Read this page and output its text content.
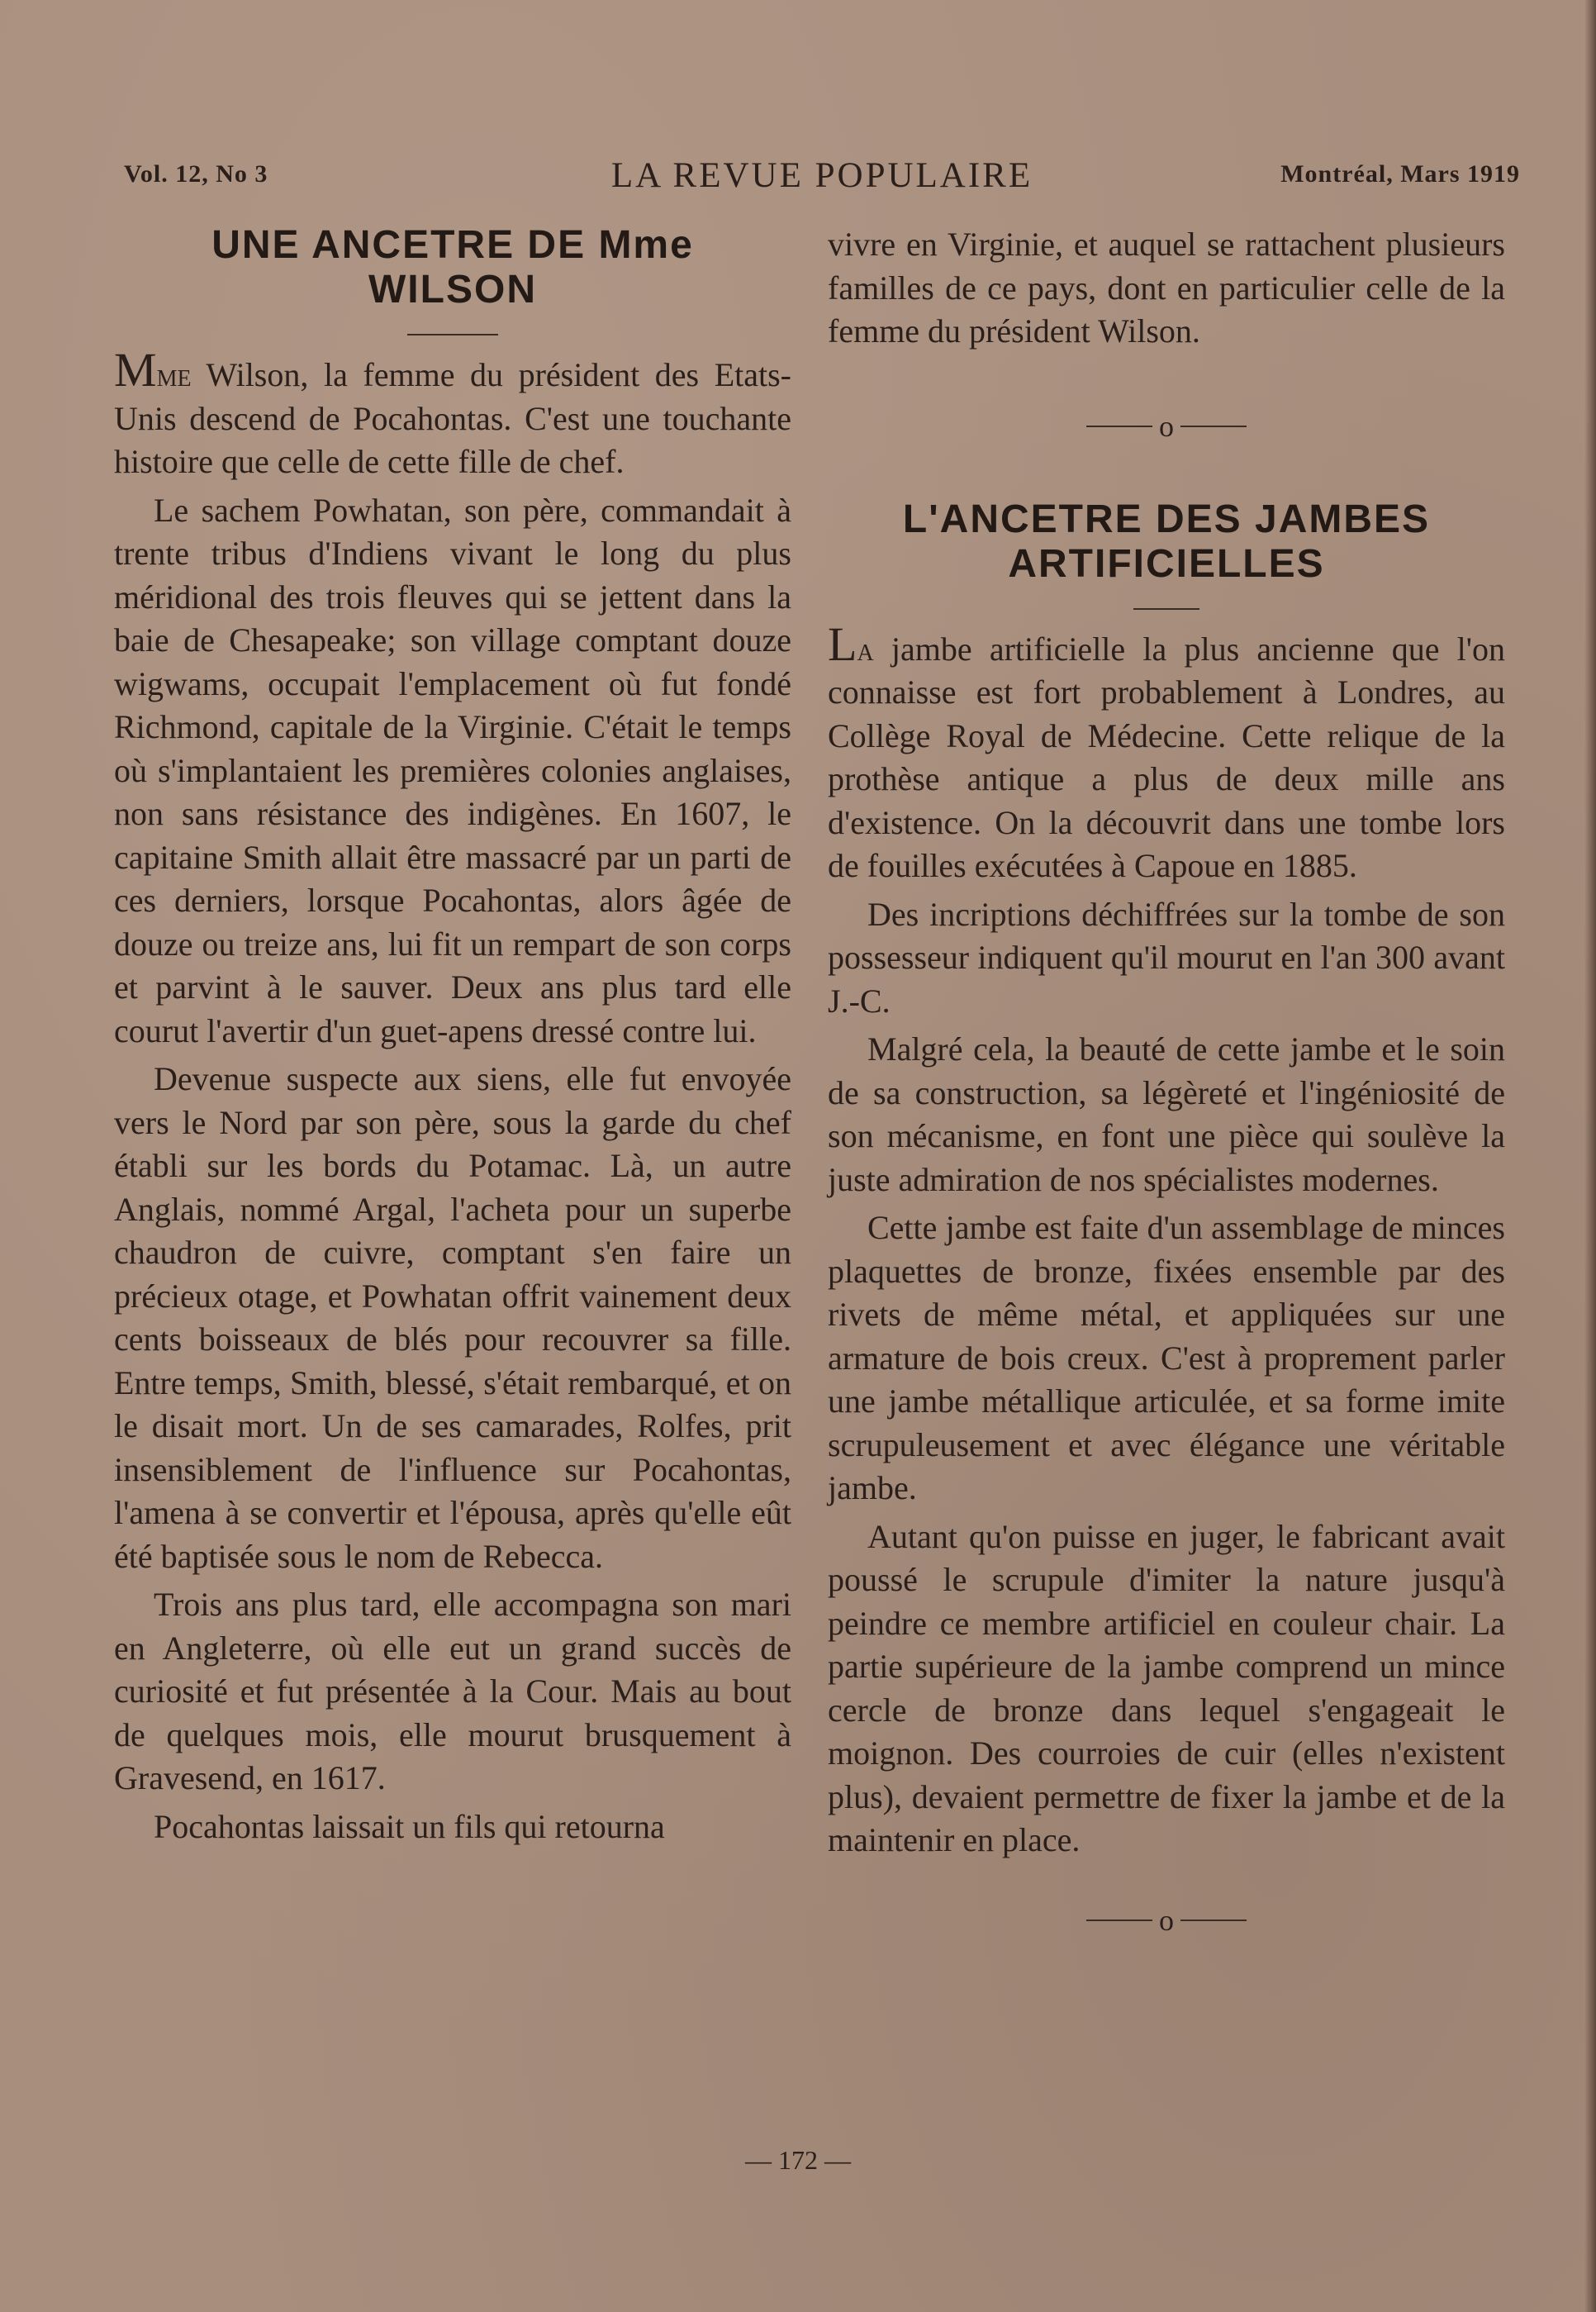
Vol. 12, No 3	LA REVUE POPULAIRE	Montréal, Mars 1919
UNE ANCETRE DE Mme
WILSON

Mme Wilson, la femme du président des Etats-Unis descend de Pocahontas. C'est une touchante histoire que celle de cette fille de chef.

Le sachem Powhatan, son père, commandait à trente tribus d'Indiens vivant le long du plus méridional des trois fleuves qui se jettent dans la baie de Chesapeake; son village comptant douze wigwams, occupait l'emplacement où fut fondé Richmond, capitale de la Virginie. C'était le temps où s'implantaient les premières colonies anglaises, non sans résistance des indigènes. En 1607, le capitaine Smith allait être massacré par un parti de ces derniers, lorsque Pocahontas, alors âgée de douze ou treize ans, lui fit un rempart de son corps et parvint à le sauver. Deux ans plus tard elle courut l'avertir d'un guet-apens dressé contre lui.

Devenue suspecte aux siens, elle fut envoyée vers le Nord par son père, sous la garde du chef établi sur les bords du Potamac. Là, un autre Anglais, nommé Argal, l'acheta pour un superbe chaudron de cuivre, comptant s'en faire un précieux otage, et Powhatan offrit vainement deux cents boisseaux de blés pour recouvrer sa fille. Entre temps, Smith, blessé, s'était rembarqué, et on le disait mort. Un de ses camarades, Rolfes, prit insensiblement de l'influence sur Pocahontas, l'amena à se convertir et l'épousa, après qu'elle eût été baptisée sous le nom de Rebecca.

Trois ans plus tard, elle accompagna son mari en Angleterre, où elle eut un grand succès de curiosité et fut présentée à la Cour. Mais au bout de quelques mois, elle mourut brusquement à Gravesend, en 1617.

Pocahontas laissait un fils qui retourna

vivre en Virginie, et auquel se rattachent plusieurs familles de ce pays, dont en particulier celle de la femme du président Wilson.

o
L'ANCETRE DES JAMBES
ARTIFICIELLES

La jambe artificielle la plus ancienne que l'on connaisse est fort probablement à Londres, au Collège Royal de Médecine. Cette relique de la prothèse antique a plus de deux mille ans d'existence. On la découvrit dans une tombe lors de fouilles exécutées à Capoue en 1885.

Des incriptions déchiffrées sur la tombe de son possesseur indiquent qu'il mourut en l'an 300 avant J.-C.

Malgré cela, la beauté de cette jambe et le soin de sa construction, sa légèreté et l'ingéniosité de son mécanisme, en font une pièce qui soulève la juste admiration de nos spécialistes modernes.

Cette jambe est faite d'un assemblage de minces plaquettes de bronze, fixées ensemble par des rivets de même métal, et appliquées sur une armature de bois creux. C'est à proprement parler une jambe métallique articulée, et sa forme imite scrupuleusement et avec élégance une véritable jambe.

Autant qu'on puisse en juger, le fabricant avait poussé le scrupule d'imiter la nature jusqu'à peindre ce membre artificiel en couleur chair. La partie supérieure de la jambe comprend un mince cercle de bronze dans lequel s'engageait le moignon. Des courroies de cuir (elles n'existent plus), devaient permettre de fixer la jambe et de la maintenir en place.

o
— 172 —
